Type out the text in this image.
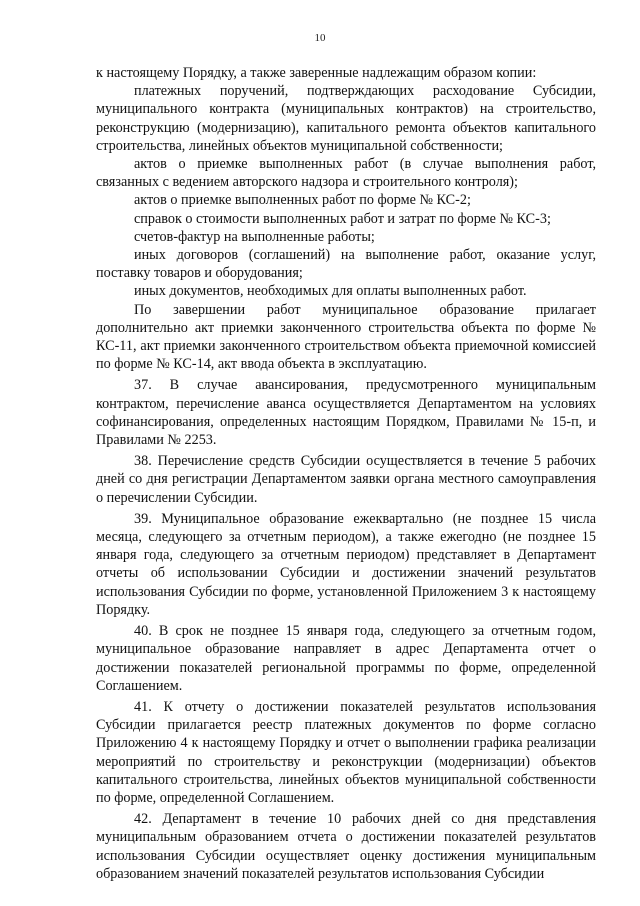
10

к настоящему Порядку, а также заверенные надлежащим образом копии:

платежных поручений, подтверждающих расходование Субсидии, муниципального контракта (муниципальных контрактов) на строительство, реконструкцию (модернизацию), капитального ремонта объектов капитального строительства, линейных объектов муниципальной собственности;

актов о приемке выполненных работ (в случае выполнения работ, связанных с ведением авторского надзора и строительного контроля);

актов о приемке выполненных работ по форме № КС-2;

справок о стоимости выполненных работ и затрат по форме № КС-3;

счетов-фактур на выполненные работы;

иных договоров (соглашений) на выполнение работ, оказание услуг, поставку товаров и оборудования;

иных документов, необходимых для оплаты выполненных работ.

По завершении работ муниципальное образование прилагает дополнительно акт приемки законченного строительства объекта по форме № КС-11, акт приемки законченного строительством объекта приемочной комиссией по форме № КС-14, акт ввода объекта в эксплуатацию.

37. В случае авансирования, предусмотренного муниципальным контрактом, перечисление аванса осуществляется Департаментом на условиях софинансирования, определенных настоящим Порядком, Правилами № 15-п, и Правилами № 2253.

38. Перечисление средств Субсидии осуществляется в течение 5 рабочих дней со дня регистрации Департаментом заявки органа местного самоуправления о перечислении Субсидии.

39. Муниципальное образование ежеквартально (не позднее 15 числа месяца, следующего за отчетным периодом), а также ежегодно (не позднее 15 января года, следующего за отчетным периодом) представляет в Департамент отчеты об использовании Субсидии и достижении значений результатов использования Субсидии по форме, установленной Приложением 3 к настоящему Порядку.

40. В срок не позднее 15 января года, следующего за отчетным годом, муниципальное образование направляет в адрес Департамента отчет о достижении показателей региональной программы по форме, определенной Соглашением.

41. К отчету о достижении показателей результатов использования Субсидии прилагается реестр платежных документов по форме согласно Приложению 4 к настоящему Порядку и отчет о выполнении графика реализации мероприятий по строительству и реконструкции (модернизации) объектов капитального строительства, линейных объектов муниципальной собственности по форме, определенной Соглашением.

42. Департамент в течение 10 рабочих дней со дня представления муниципальным образованием отчета о достижении показателей результатов использования Субсидии осуществляет оценку достижения муниципальным образованием значений показателей результатов использования Субсидии
